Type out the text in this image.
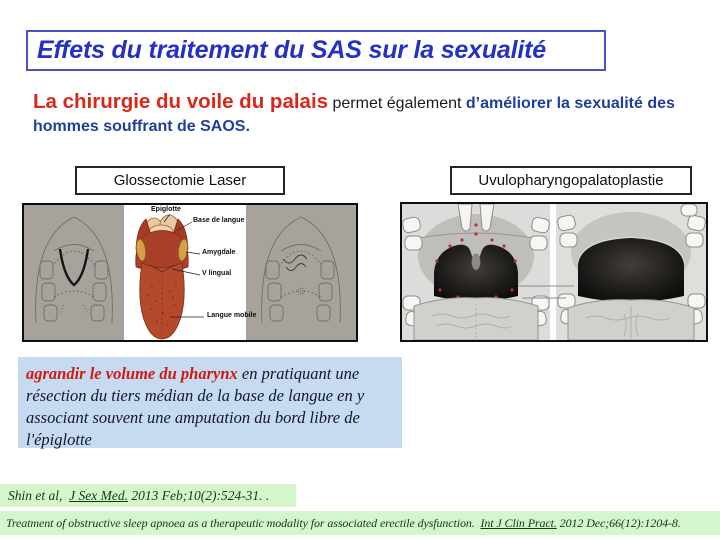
Effets du traitement du SAS sur la sexualité
La chirurgie du voile du palais permet également d’améliorer la sexualité des
hommes souffrant de SAOS.
Glossectomie Laser	Uvulopharyngopalatoplastie
Epiglotte
Base de langue
Amygdale
V lingual
Langue mobile
agrandir le volume du pharynx en pratiquant une résection du tiers médian de la base de langue en y associant souvent une amputation du bord libre de l'épiglotte
Shin et al, J Sex Med. 2013 Feb;10(2):524-31. .
Treatment of obstructive sleep apnoea as a therapeutic modality for associated erectile dysfunction. Int J Clin Pract. 2012 Dec;66(12):1204-8.
